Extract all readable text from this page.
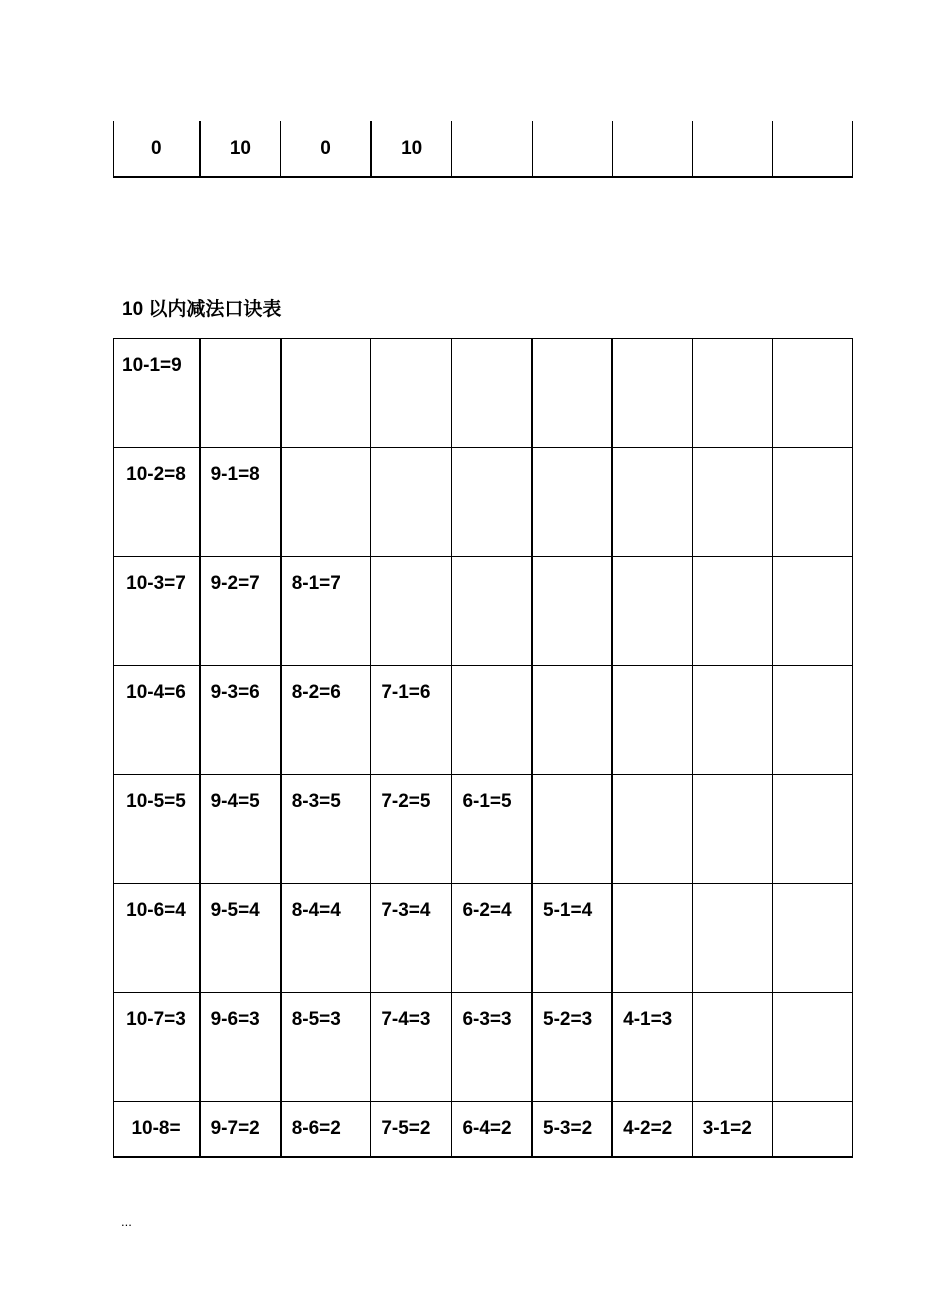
0	10	0	10					
10 以内减法口诀表
10-1=9								

10-2=8	9-1=8							

10-3=7	9-2=7	8-1=7						

10-4=6	9-3=6	8-2=6	7-1=6					

10-5=5	9-4=5	8-3=5	7-2=5	6-1=5				

10-6=4	9-5=4	8-4=4	7-3=4	6-2=4	5-1=4			

10-7=3	9-6=3	8-5=3	7-4=3	6-3=3	5-2=3	4-1=3		

10-8=	9-7=2	8-6=2	7-5=2	6-4=2	5-3=2	4-2=2	3-1=2	

...
